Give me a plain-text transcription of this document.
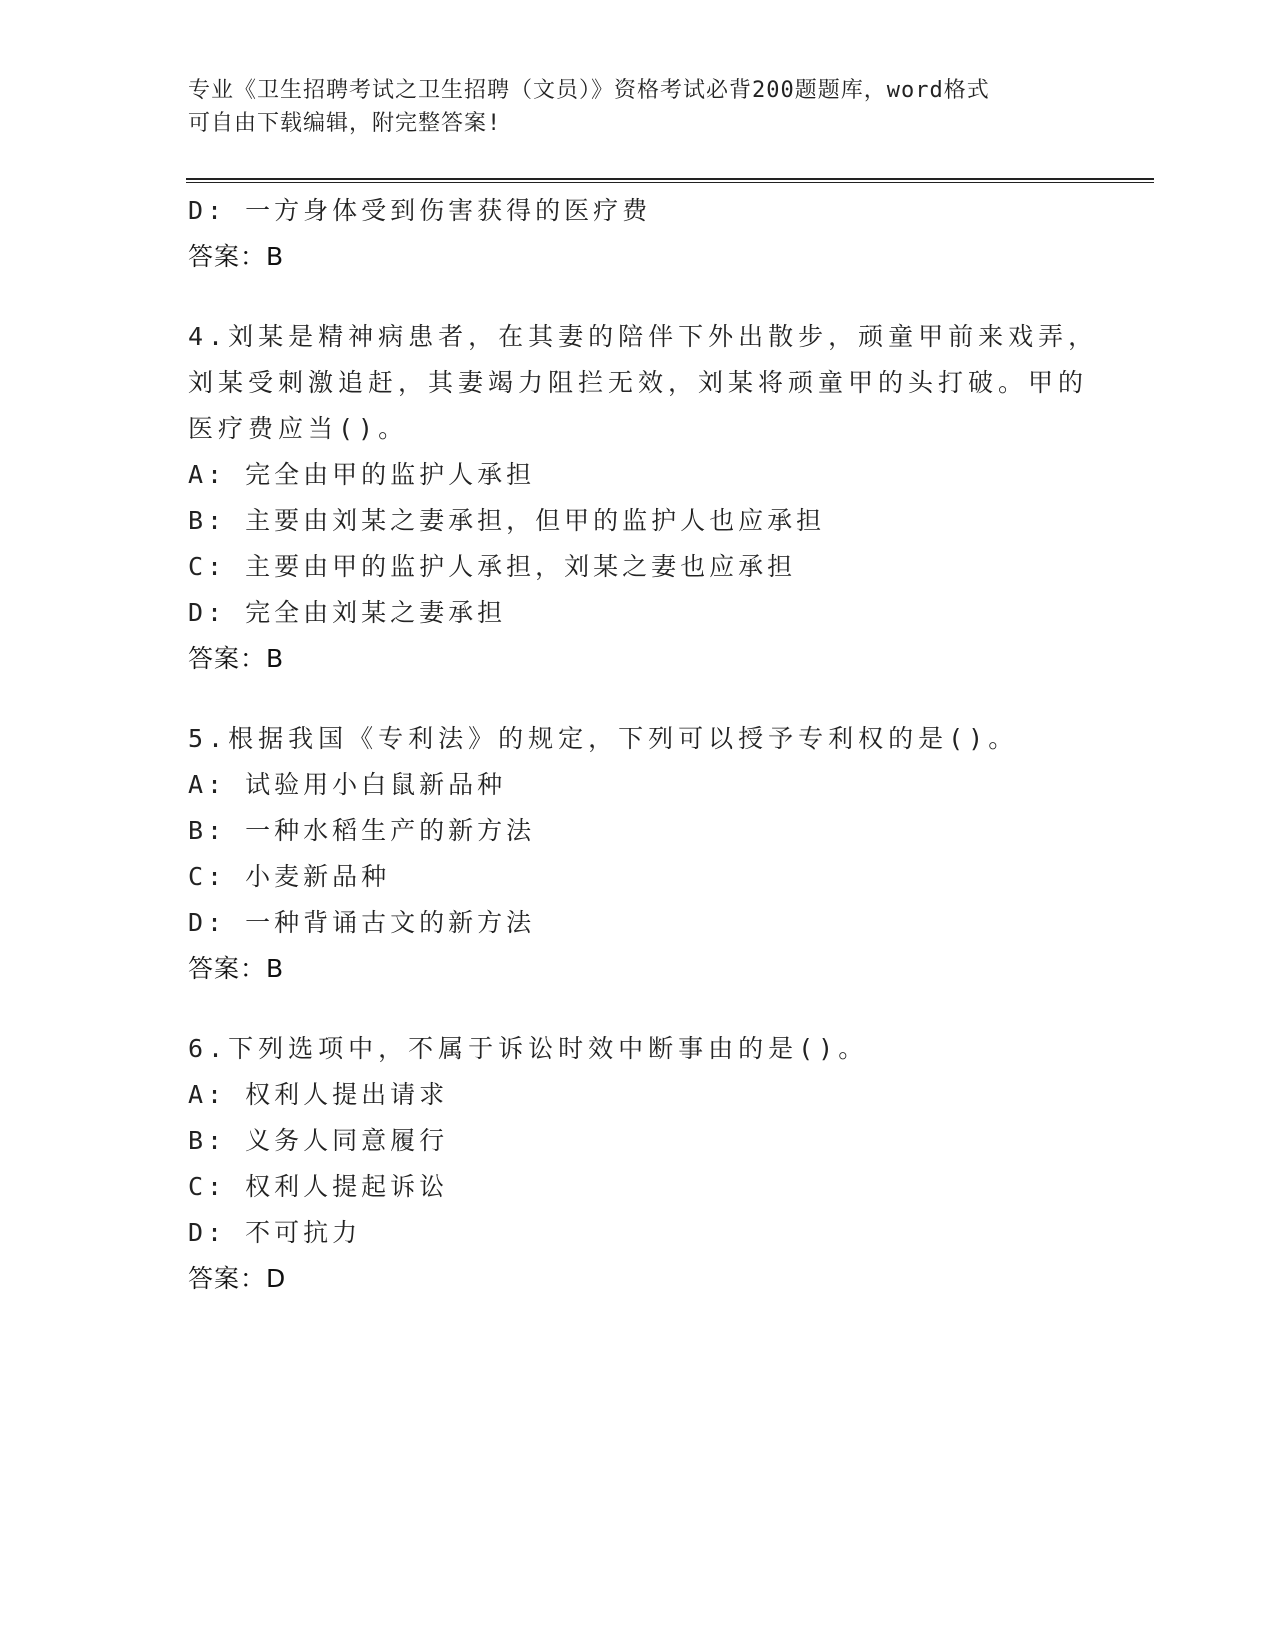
专业《卫生招聘考试之卫生招聘（文员）》资格考试必背200题题库，word格式
可自由下载编辑，附完整答案!
D: 一方身体受到伤害获得的医疗费
答案：B
4.刘某是精神病患者，在其妻的陪伴下外出散步，顽童甲前来戏弄，
刘某受刺激追赶，其妻竭力阻拦无效，刘某将顽童甲的头打破。甲的
医疗费应当()。
A: 完全由甲的监护人承担
B: 主要由刘某之妻承担，但甲的监护人也应承担
C: 主要由甲的监护人承担，刘某之妻也应承担
D: 完全由刘某之妻承担
答案：B
5.根据我国《专利法》的规定，下列可以授予专利权的是()。
A: 试验用小白鼠新品种
B: 一种水稻生产的新方法
C: 小麦新品种
D: 一种背诵古文的新方法
答案：B
6.下列选项中，不属于诉讼时效中断事由的是()。
A: 权利人提出请求
B: 义务人同意履行
C: 权利人提起诉讼
D: 不可抗力
答案：D
